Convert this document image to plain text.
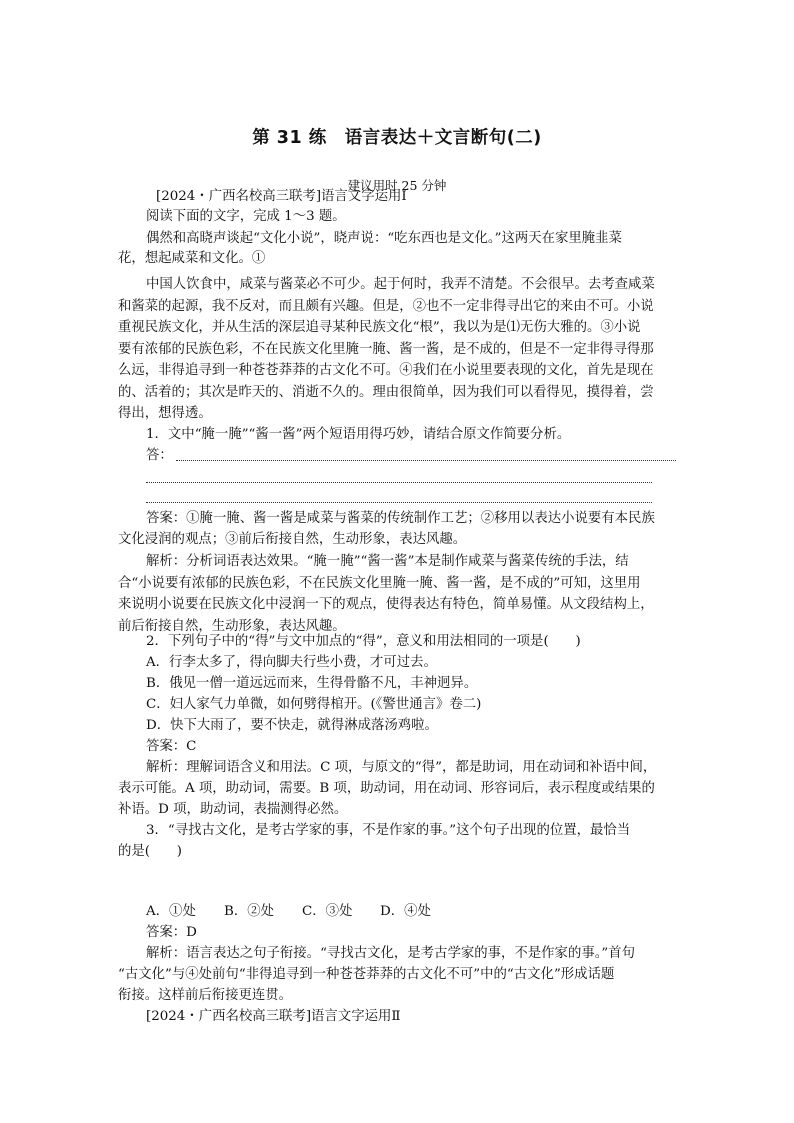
第 31 练　语言表达＋文言断句(二)
建议用时 25 分钟
[2024・广西名校高三联考]语言文字运用Ⅰ
阅读下面的文字，完成 1～3 题。
偶然和高晓声谈起“文化小说”，晓声说：“吃东西也是文化。”这两天在家里腌韭菜
花，想起咸菜和文化。①
中国人饮食中，咸菜与酱菜必不可少。起于何时，我弄不清楚。不会很早。去考查咸菜
和酱菜的起源，我不反对，而且颇有兴趣。但是，②也不一定非得寻出它的来由不可。小说
重视民族文化，并从生活的深层追寻某种民族文化“根”，我以为是⑴无伤大雅的。③小说
要有浓郁的民族色彩，不在民族文化里腌一腌、酱一酱，是不成的，但是不一定非得寻得那
么远，非得追寻到一种苍苍莽莽的古文化不可。④我们在小说里要表现的文化，首先是现在
的、活着的；其次是昨天的、消逝不久的。理由很简单，因为我们可以看得见，摸得着，尝
得出，想得透。
1．文中“腌一腌”“酱一酱”两个短语用得巧妙，请结合原文作简要分析。
答：
答案：①腌一腌、酱一酱是咸菜与酱菜的传统制作工艺；②移用以表达小说要有本民族
文化浸润的观点；③前后衔接自然，生动形象，表达风趣。
解析：分析词语表达效果。“腌一腌”“酱一酱”本是制作咸菜与酱菜传统的手法，结
合“小说要有浓郁的民族色彩，不在民族文化里腌一腌、酱一酱，是不成的”可知，这里用
来说明小说要在民族文化中浸润一下的观点，使得表达有特色，简单易懂。从文段结构上，
前后衔接自然，生动形象，表达风趣。
2．下列句子中的“得”与文中加点的“得”，意义和用法相同的一项是(　　)
A．行李太多了，得向脚夫行些小费，才可过去。
B．俄见一僧一道远远而来，生得骨骼不凡，丰神迥异。
C．妇人家气力单微，如何劈得棺开。(《警世通言》卷二)
D．快下大雨了，要不快走，就得淋成落汤鸡啦。
答案：C
解析：理解词语含义和用法。C 项，与原文的“得”，都是助词，用在动词和补语中间，
表示可能。A 项，助动词，需要。B 项，助动词，用在动词、形容词后，表示程度或结果的
补语。D 项，助动词，表揣测得必然。
3．“寻找古文化，是考古学家的事，不是作家的事。”这个句子出现的位置，最恰当
的是(　　)
A．①处 B．②处 C．③处 D．④处
答案：D
解析：语言表达之句子衔接。“寻找古文化，是考古学家的事，不是作家的事。”首句
“古文化”与④处前句“非得追寻到一种苍苍莽莽的古文化不可”中的“古文化”形成话题
衔接。这样前后衔接更连贯。
[2024・广西名校高三联考]语言文字运用Ⅱ
